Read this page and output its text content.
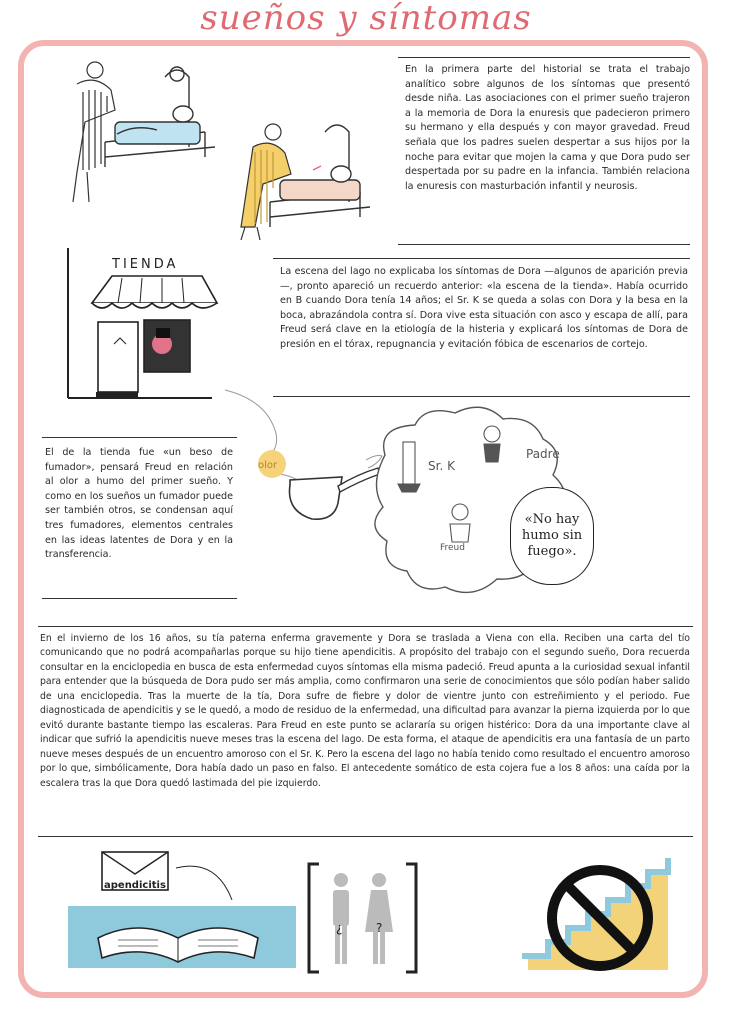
sueños y síntomas
En la primera parte del historial se trata el trabajo analítico sobre algunos de los síntomas que presentó desde niña. Las asociaciones con el primer sueño trajeron a la memoria de Dora la enuresis que padecieron primero su hermano y ella después y con mayor gravedad. Freud señala que los padres suelen despertar a sus hijos por la noche para evitar que mojen la cama y que Dora pudo ser despertada por su padre en la infancia. También relaciona la enuresis con masturbación infantil y neurosis.
La escena del lago no explicaba los síntomas de Dora —algunos de aparición previa—, pronto apareció un recuerdo anterior: «la escena de la tienda». Había ocurrido en B cuando Dora tenía 14 años; el Sr. K se queda a solas con Dora y la besa en la boca, abrazándola contra sí. Dora vive esta situación con asco y escapa de allí, para Freud será clave en la etiología de la histeria y explicará los síntomas de Dora de presión en el tórax, repugnancia y evitación fóbica de escenarios de cortejo.
TIENDA
olor
El de la tienda fue «un beso de fumador», pensará Freud en relación al olor a humo del primer sueño. Y como en los sueños un fumador puede ser también otros, se condensan aquí tres fumadores, elementos centrales en las ideas latentes de Dora y en la transferencia.
Sr. K
Padre
Freud
«No hay humo sin fuego».
En el invierno de los 16 años, su tía paterna enferma gravemente y Dora se traslada a Viena con ella. Reciben una carta del tío comunicando que no podrá acompañarlas porque su hijo tiene apendicitis. A propósito del trabajo con el segundo sueño, Dora recuerda consultar en la enciclopedia en busca de esta enfermedad cuyos síntomas ella misma padeció. Freud apunta a la curiosidad sexual infantil para entender que la búsqueda de Dora pudo ser más amplia, como confirmaron una serie de conocimientos que sólo podían haber salido de una enciclopedia. Tras la muerte de la tía, Dora sufre de fiebre y dolor de vientre junto con estreñimiento y el periodo. Fue diagnosticada de apendicitis y se le quedó, a modo de residuo de la enfermedad, una dificultad para avanzar la pierna izquierda por lo que evitó durante bastante tiempo las escaleras. Para Freud en este punto se aclararía su origen histérico: Dora da una importante clave al indicar que sufrió la apendicitis nueve meses tras la escena del lago. De esta forma, el ataque de apendicitis era una fantasía de un parto nueve meses después de un encuentro amoroso con el Sr. K. Pero la escena del lago no había tenido como resultado el encuentro amoroso por lo que, simbólicamente, Dora había dado un paso en falso. El antecedente somático de esta cojera fue a los 8 años: una caída por la escalera tras la que Dora quedó lastimada del pie izquierdo.
apendicitis
¿	?
